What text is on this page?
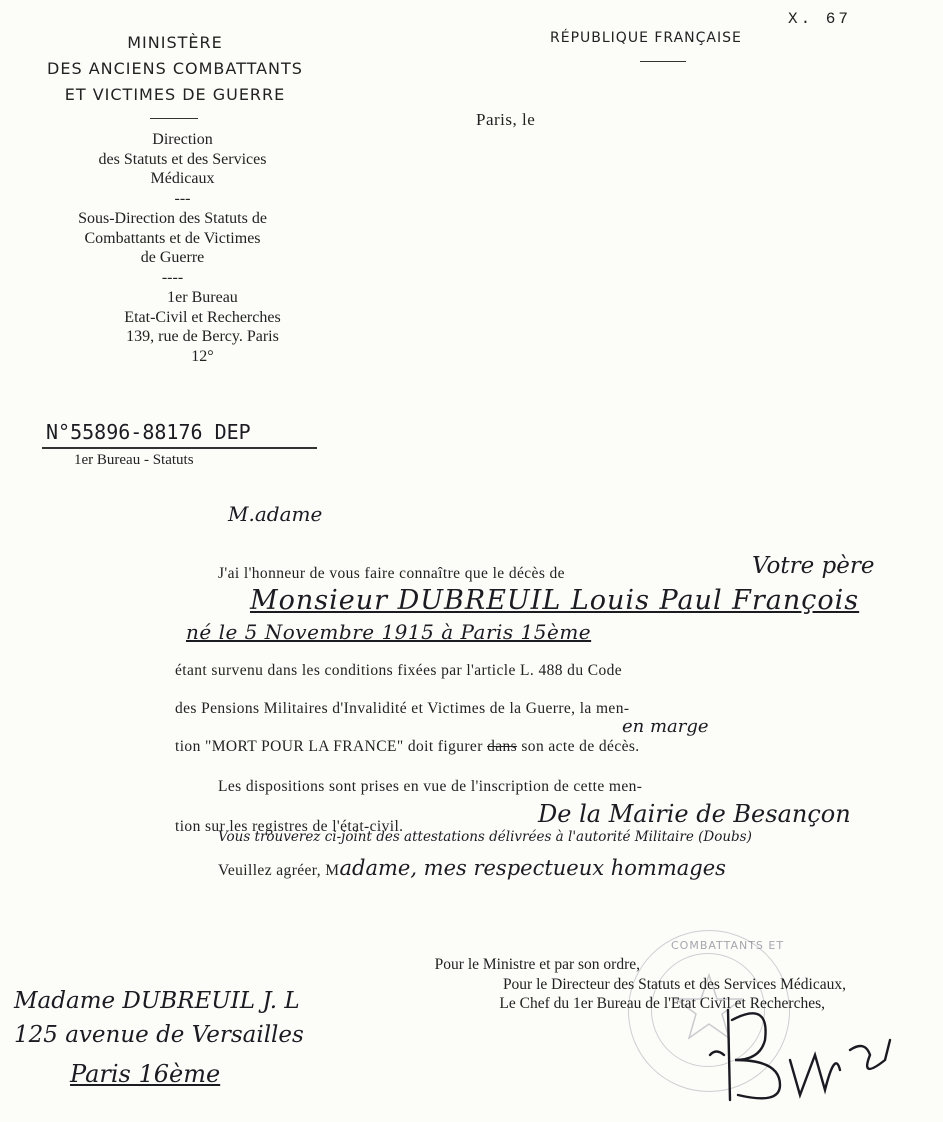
X. 67
RÉPUBLIQUE FRANÇAISE
MINISTÈRE
DES ANCIENS COMBATTANTS
ET VICTIMES DE GUERRE
Direction
des Statuts et des Services
Médicaux
---
Sous-Direction des Statuts de
Combattants et de Victimes
de Guerre
----
1er Bureau
Etat-Civil et Recherches
139, rue de Bercy. Paris
12°
Paris, le
N°55896-88176 DEP
1er Bureau - Statuts
M.adame
J'ai l'honneur de vous faire connaître que le décès de	Votre père
Monsieur DUBREUIL Louis Paul François
né le 5 Novembre 1915 à Paris 15ème
étant survenu dans les conditions fixées par l'article L. 488 du Code
des Pensions Militaires d'Invalidité et Victimes de la Guerre, la men-
en marge
tion "MORT POUR LA FRANCE" doit figurer dans son acte de décès.
Les dispositions sont prises en vue de l'inscription de cette men-
tion sur les registres de l'état-civil.	De la Mairie de Besançon
Vous trouverez ci-joint des attestations délivrées à l'autorité Militaire (Doubs)
Veuillez agréer, Madame, mes respectueux hommages
COMBATTANTS ET
Pour le Ministre et par son ordre,
Pour le Directeur des Statuts et des Services Médicaux,
Le Chef du 1er Bureau de l'Etat Civil et Recherches,
Madame DUBREUIL J. L
125 avenue de Versailles
Paris 16ème
